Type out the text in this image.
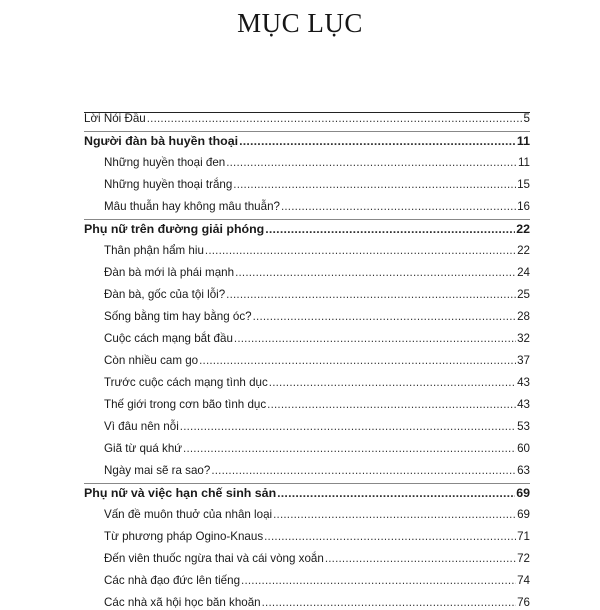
MỤC LỤC
Lời Nói Đầu .....	5
Người đàn bà huyền thoại .....	11
Những huyền thoại đen .....	11
Những huyền thoại trắng .....	15
Mâu thuẫn hay không mâu thuẫn? .....	16
Phụ nữ trên đường giải phóng .....	22
Thân phận hẩm hiu .....	22
Đàn bà mới là phái mạnh .....	24
Đàn bà, gốc của tội lỗi? .....	25
Sống bằng tim hay bằng óc? .....	28
Cuộc cách mạng bắt đầu .....	32
Còn nhiều cam go .....	37
Trước cuộc cách mạng tình dục .....	43
Thế giới trong cơn bão tình dục .....	43
Vì đâu nên nỗi .....	53
Giã từ quá khứ .....	60
Ngày mai sẽ ra sao? .....	63
Phụ nữ và việc hạn chế sinh sản .....	69
Vấn đề muôn thuở của nhân loại .....	69
Từ phương pháp Ogino-Knaus .....	71
Đến viên thuốc ngừa thai và cái vòng xoắn .....	72
Các nhà đạo đức lên tiếng .....	74
Các nhà xã hội học băn khoăn .....	76
